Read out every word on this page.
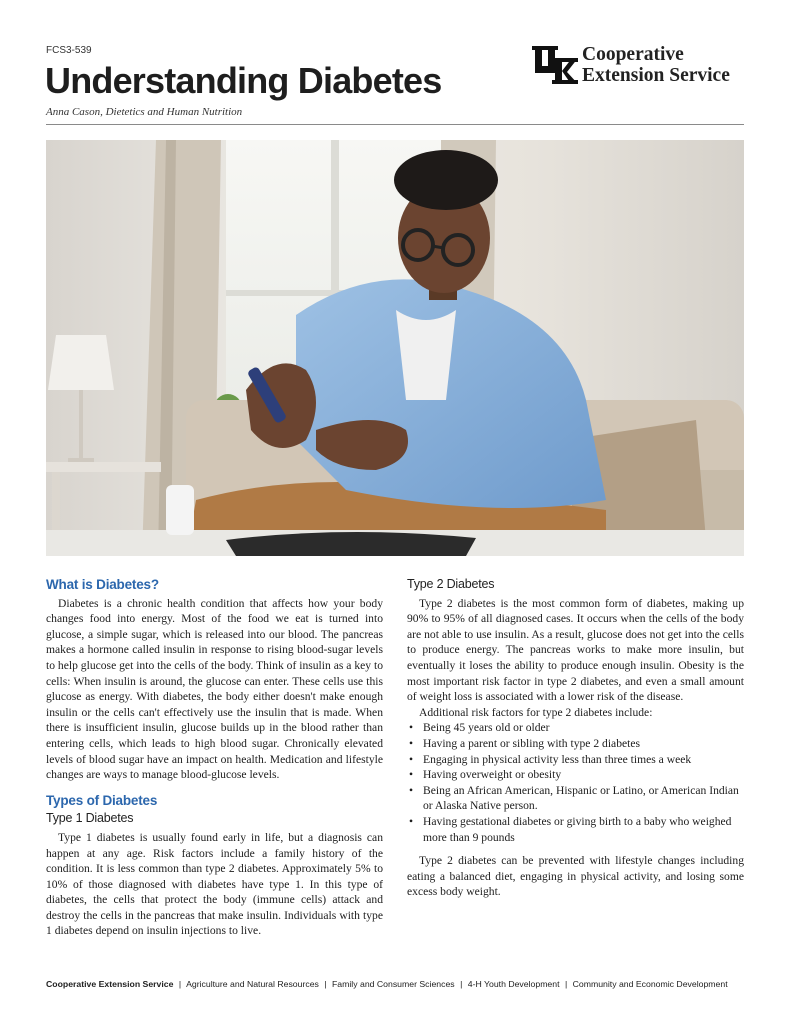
FCS3-539
Understanding Diabetes
Anna Cason, Dietetics and Human Nutrition
Cooperative
Extension Service
What is Diabetes?

Diabetes is a chronic health condition that affects how your body changes food into energy. Most of the food we eat is turned into glucose, a simple sugar, which is released into our blood. The pancreas makes a hormone called insulin in response to rising blood-sugar levels to help glucose get into the cells of the body. Think of insulin as a key to cells: When insulin is around, the glucose can enter. These cells use this glucose as energy. With diabetes, the body either doesn't make enough insulin or the cells can't effectively use the insulin that is made. When there is insufficient insulin, glucose builds up in the blood rather than entering cells, which leads to high blood sugar. Chronically elevated levels of blood sugar have an impact on health. Medication and lifestyle changes are ways to manage blood-glucose levels.

Types of Diabetes
Type 1 Diabetes

Type 1 diabetes is usually found early in life, but a diagnosis can happen at any age. Risk factors include a family history of the condition. It is less common than type 2 diabetes. Approximately 5% to 10% of those diagnosed with diabetes have type 1. In this type of diabetes, the cells that protect the body (immune cells) attack and destroy the cells in the pancreas that make insulin. Individuals with type 1 diabetes depend on insulin injections to live.

Type 2 Diabetes

Type 2 diabetes is the most common form of diabetes, making up 90% to 95% of all diagnosed cases. It occurs when the cells of the body are not able to use insulin. As a result, glucose does not get into the cells to produce energy. The pancreas works to make more insulin, but eventually it loses the ability to produce enough insulin. Obesity is the most important risk factor in type 2 diabetes, and even a small amount of weight loss is associated with a lower risk of the disease.

Additional risk factors for type 2 diabetes include:

• Being 45 years old or older
• Having a parent or sibling with type 2 diabetes
• Engaging in physical activity less than three times a week
• Having overweight or obesity
• Being an African American, Hispanic or Latino, or American Indian or Alaska Native person.
• Having gestational diabetes or giving birth to a baby who weighed more than 9 pounds

Type 2 diabetes can be prevented with lifestyle changes including eating a balanced diet, engaging in physical activity, and losing some excess body weight.

Cooperative Extension Service | Agriculture and Natural Resources | Family and Consumer Sciences | 4-H Youth Development | Community and Economic Development
